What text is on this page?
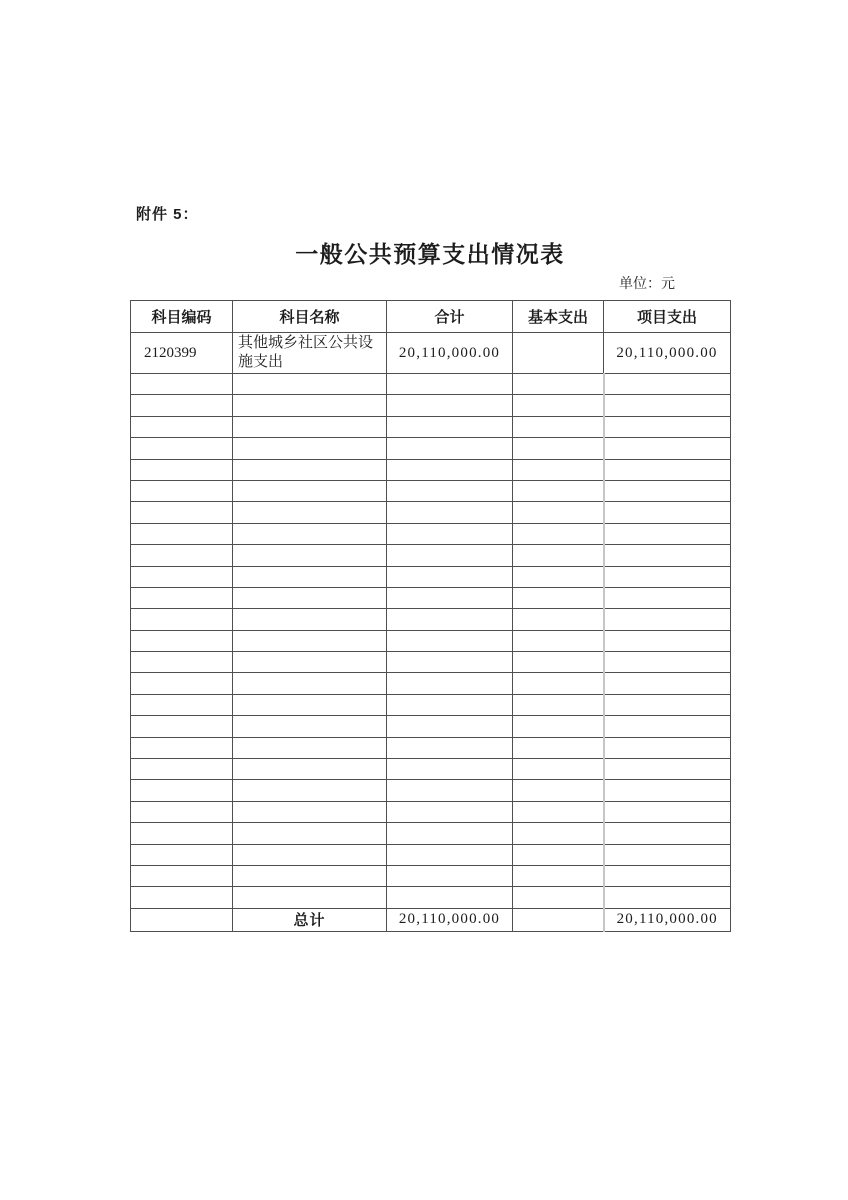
附件 5：
一般公共预算支出情况表
单位：元
科目编码	科目名称	合计	基本支出	项目支出
2120399	其他城乡社区公共设施支出	20,110,000.00		20,110,000.00

	总计	20,110,000.00		20,110,000.00
